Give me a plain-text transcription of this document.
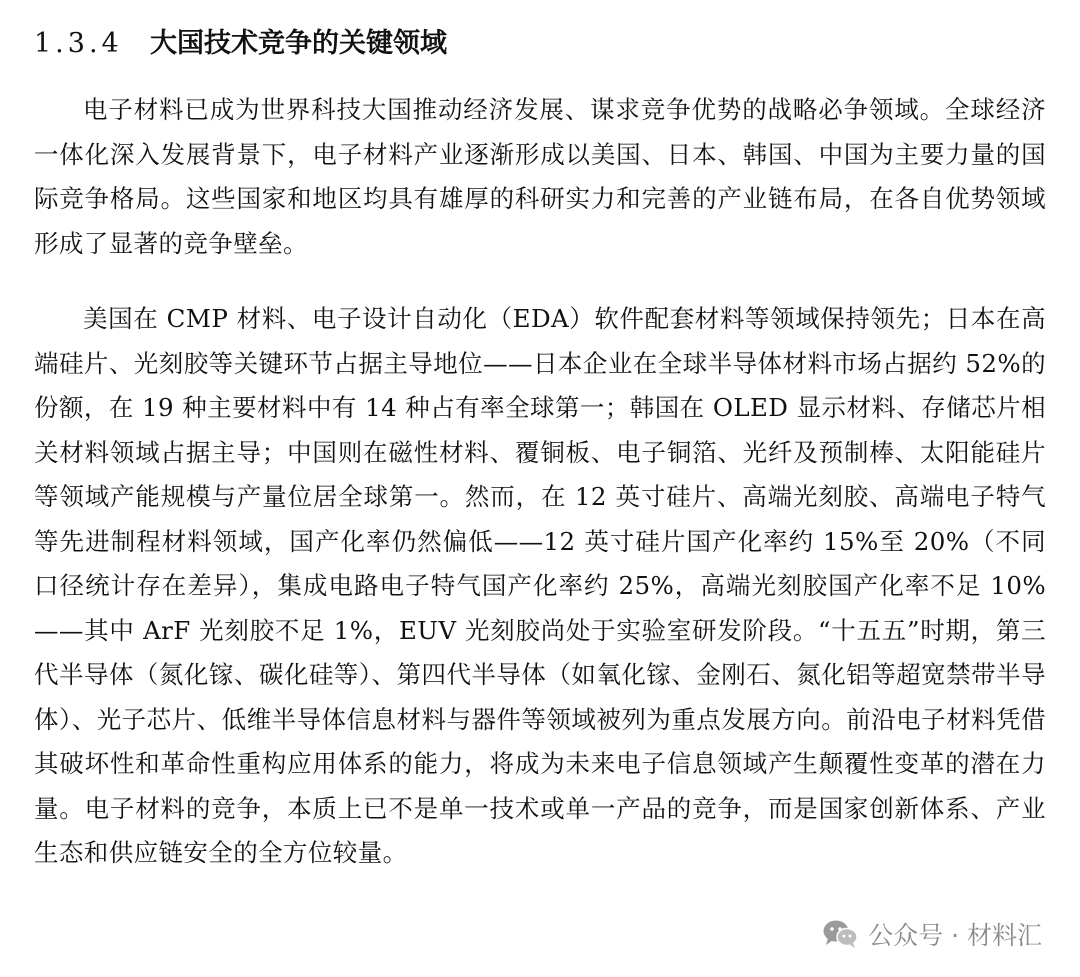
1.3.4 大国技术竞争的关键领域

电子材料已成为世界科技大国推动经济发展、谋求竞争优势的战略必争领域。全球经济一体化深入发展背景下，电子材料产业逐渐形成以美国、日本、韩国、中国为主要力量的国际竞争格局。这些国家和地区均具有雄厚的科研实力和完善的产业链布局，在各自优势领域形成了显著的竞争壁垒。

美国在 CMP 材料、电子设计自动化（EDA）软件配套材料等领域保持领先；日本在高端硅片、光刻胶等关键环节占据主导地位——日本企业在全球半导体材料市场占据约 52%的份额，在 19 种主要材料中有 14 种占有率全球第一；韩国在 OLED 显示材料、存储芯片相关材料领域占据主导；中国则在磁性材料、覆铜板、电子铜箔、光纤及预制棒、太阳能硅片等领域产能规模与产量位居全球第一。然而，在 12 英寸硅片、高端光刻胶、高端电子特气等先进制程材料领域，国产化率仍然偏低——12 英寸硅片国产化率约 15%至 20%（不同口径统计存在差异），集成电路电子特气国产化率约 25%，高端光刻胶国产化率不足 10%——其中 ArF 光刻胶不足 1%，EUV 光刻胶尚处于实验室研发阶段。“十五五”时期，第三代半导体（氮化镓、碳化硅等）、第四代半导体（如氧化镓、金刚石、氮化铝等超宽禁带半导体）、光子芯片、低维半导体信息材料与器件等领域被列为重点发展方向。前沿电子材料凭借其破坏性和革命性重构应用体系的能力，将成为未来电子信息领域产生颠覆性变革的潜在力量。电子材料的竞争，本质上已不是单一技术或单一产品的竞争，而是国家创新体系、产业生态和供应链安全的全方位较量。

公众号 · 材料汇
